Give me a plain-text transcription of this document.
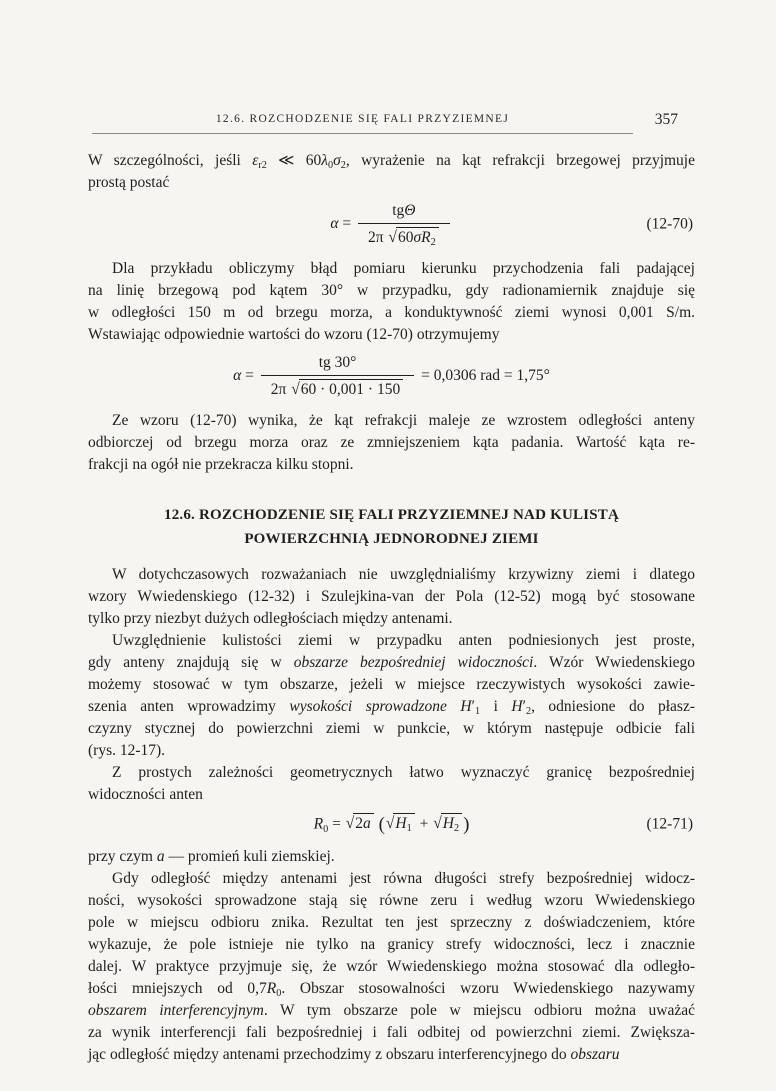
12.6. ROZCHODZENIE SIĘ FALI PRZYZIEMNEJ	357
W szczególności, jeśli εr2 ≪ 60λ0σ2, wyrażenie na kąt refrakcji brzegowej przyjmuje
prostą postać
$\alpha = \frac{\text{tgΘ}}{2\pi √60\sigma R2}$	(12-70)
Dla przykładu obliczymy błąd pomiaru kierunku przychodzenia fali padającej
na linię brzegową pod kątem 30° w przypadku, gdy radionamiernik znajduje się
w odległości 150 m od brzegu morza, a konduktywność ziemi wynosi 0,001 S/m.
Wstawiając odpowiednie wartości do wzoru (12-70) otrzymujemy
$\alpha = \frac{tg 30^\circ}{2\pi √60 \cdot 0,001 \cdot 150} = 0,0306$ rad = 1,75°
Ze wzoru (12-70) wynika, że kąt refrakcji maleje ze wzrostem odległości anteny
odbiorczej od brzegu morza oraz ze zmniejszeniem kąta padania. Wartość kąta re-
frakcji na ogół nie przekracza kilku stopni.
12.6. ROZCHODZENIE SIĘ FALI PRZYZIEMNEJ NAD KULISTĄ
POWIERZCHNIĄ JEDNORODNEJ ZIEMI
W dotychczasowych rozważaniach nie uwzględnialiśmy krzywizny ziemi i dlatego
wzory Wwiedenskiego (12-32) i Szulejkina-van der Pola (12-52) mogą być stosowane
tylko przy niezbyt dużych odległościach między antenami.
Uwzględnienie kulistości ziemi w przypadku anten podniesionych jest proste,
gdy anteny znajdują się w obszarze bezpośredniej widoczności. Wzór Wwiedenskiego
możemy stosować w tym obszarze, jeżeli w miejsce rzeczywistych wysokości zawie-
szenia anten wprowadzimy wysokości sprowadzone H′1 i H′2, odniesione do płasz-
czyzny stycznej do powierzchni ziemi w punkcie, w którym następuje odbicie fali
(rys. 12-17).
Z prostych zależności geometrycznych łatwo wyznaczyć granicę bezpośredniej
widoczności anten
R0 = √2a (√H1 + √H2 )	(12-71)
przy czym a — promień kuli ziemskiej.
Gdy odległość między antenami jest równa długości strefy bezpośredniej widocz-
ności, wysokości sprowadzone stają się równe zeru i według wzoru Wwiedenskiego
pole w miejscu odbioru znika. Rezultat ten jest sprzeczny z doświadczeniem, które
wykazuje, że pole istnieje nie tylko na granicy strefy widoczności, lecz i znacznie
dalej. W praktyce przyjmuje się, że wzór Wwiedenskiego można stosować dla odległo-
łości mniejszych od 0,7R0. Obszar stosowalności wzoru Wwiedenskiego nazywamy
obszarem interferencyjnym. W tym obszarze pole w miejscu odbioru można uważać
za wynik interferencji fali bezpośredniej i fali odbitej od powierzchni ziemi. Zwiększa-
jąc odległość między antenami przechodzimy z obszaru interferencyjnego do obszaru
